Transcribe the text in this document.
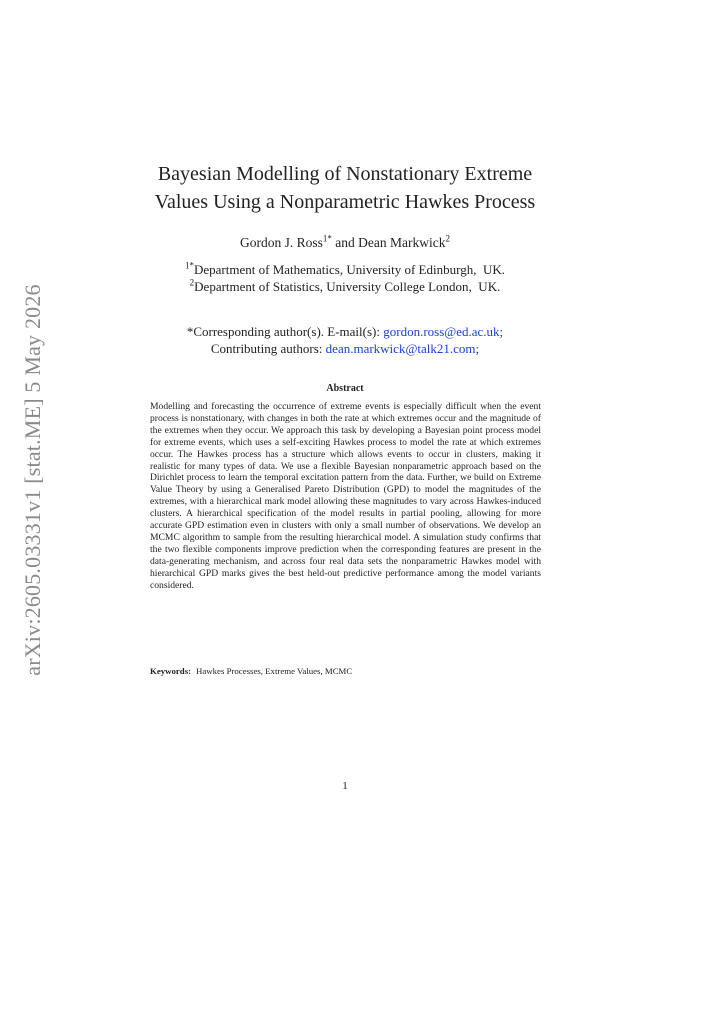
arXiv:2605.03331v1 [stat.ME] 5 May 2026
Bayesian Modelling of Nonstationary Extreme
Values Using a Nonparametric Hawkes Process
Gordon J. Ross$^{1*}$ and Dean Markwick$^2$
$^{1*}$Department of Mathematics, University of Edinburgh,  UK.
$^2$Department of Statistics, University College London,  UK.
*Corresponding author(s). E-mail(s): gordon.ross@ed.ac.uk;
Contributing authors: dean.markwick@talk21.com;
Abstract
Modelling and forecasting the occurrence of extreme events is especially difficult when the event process is nonstationary, with changes in both the rate at which extremes occur and the magnitude of the extremes when they occur. We approach this task by developing a Bayesian point process model for extreme events, which uses a self-exciting Hawkes process to model the rate at which extremes occur. The Hawkes process has a structure which allows events to occur in clusters, making it realistic for many types of data. We use a flexible Bayesian nonparametric approach based on the Dirichlet process to learn the temporal excitation pattern from the data. Further, we build on Extreme Value Theory by using a Generalised Pareto Distribution (GPD) to model the magnitudes of the extremes, with a hierarchical mark model allowing these magnitudes to vary across Hawkes-induced clusters. A hierarchical specification of the model results in partial pooling, allowing for more accurate GPD estimation even in clusters with only a small number of observations. We develop an MCMC algorithm to sample from the resulting hierarchical model. A simulation study confirms that the two flexible components improve prediction when the corresponding features are present in the data-generating mechanism, and across four real data sets the nonparametric Hawkes model with hierarchical GPD marks gives the best held-out predictive performance among the model variants considered.
Keywords: Hawkes Processes, Extreme Values, MCMC
1
